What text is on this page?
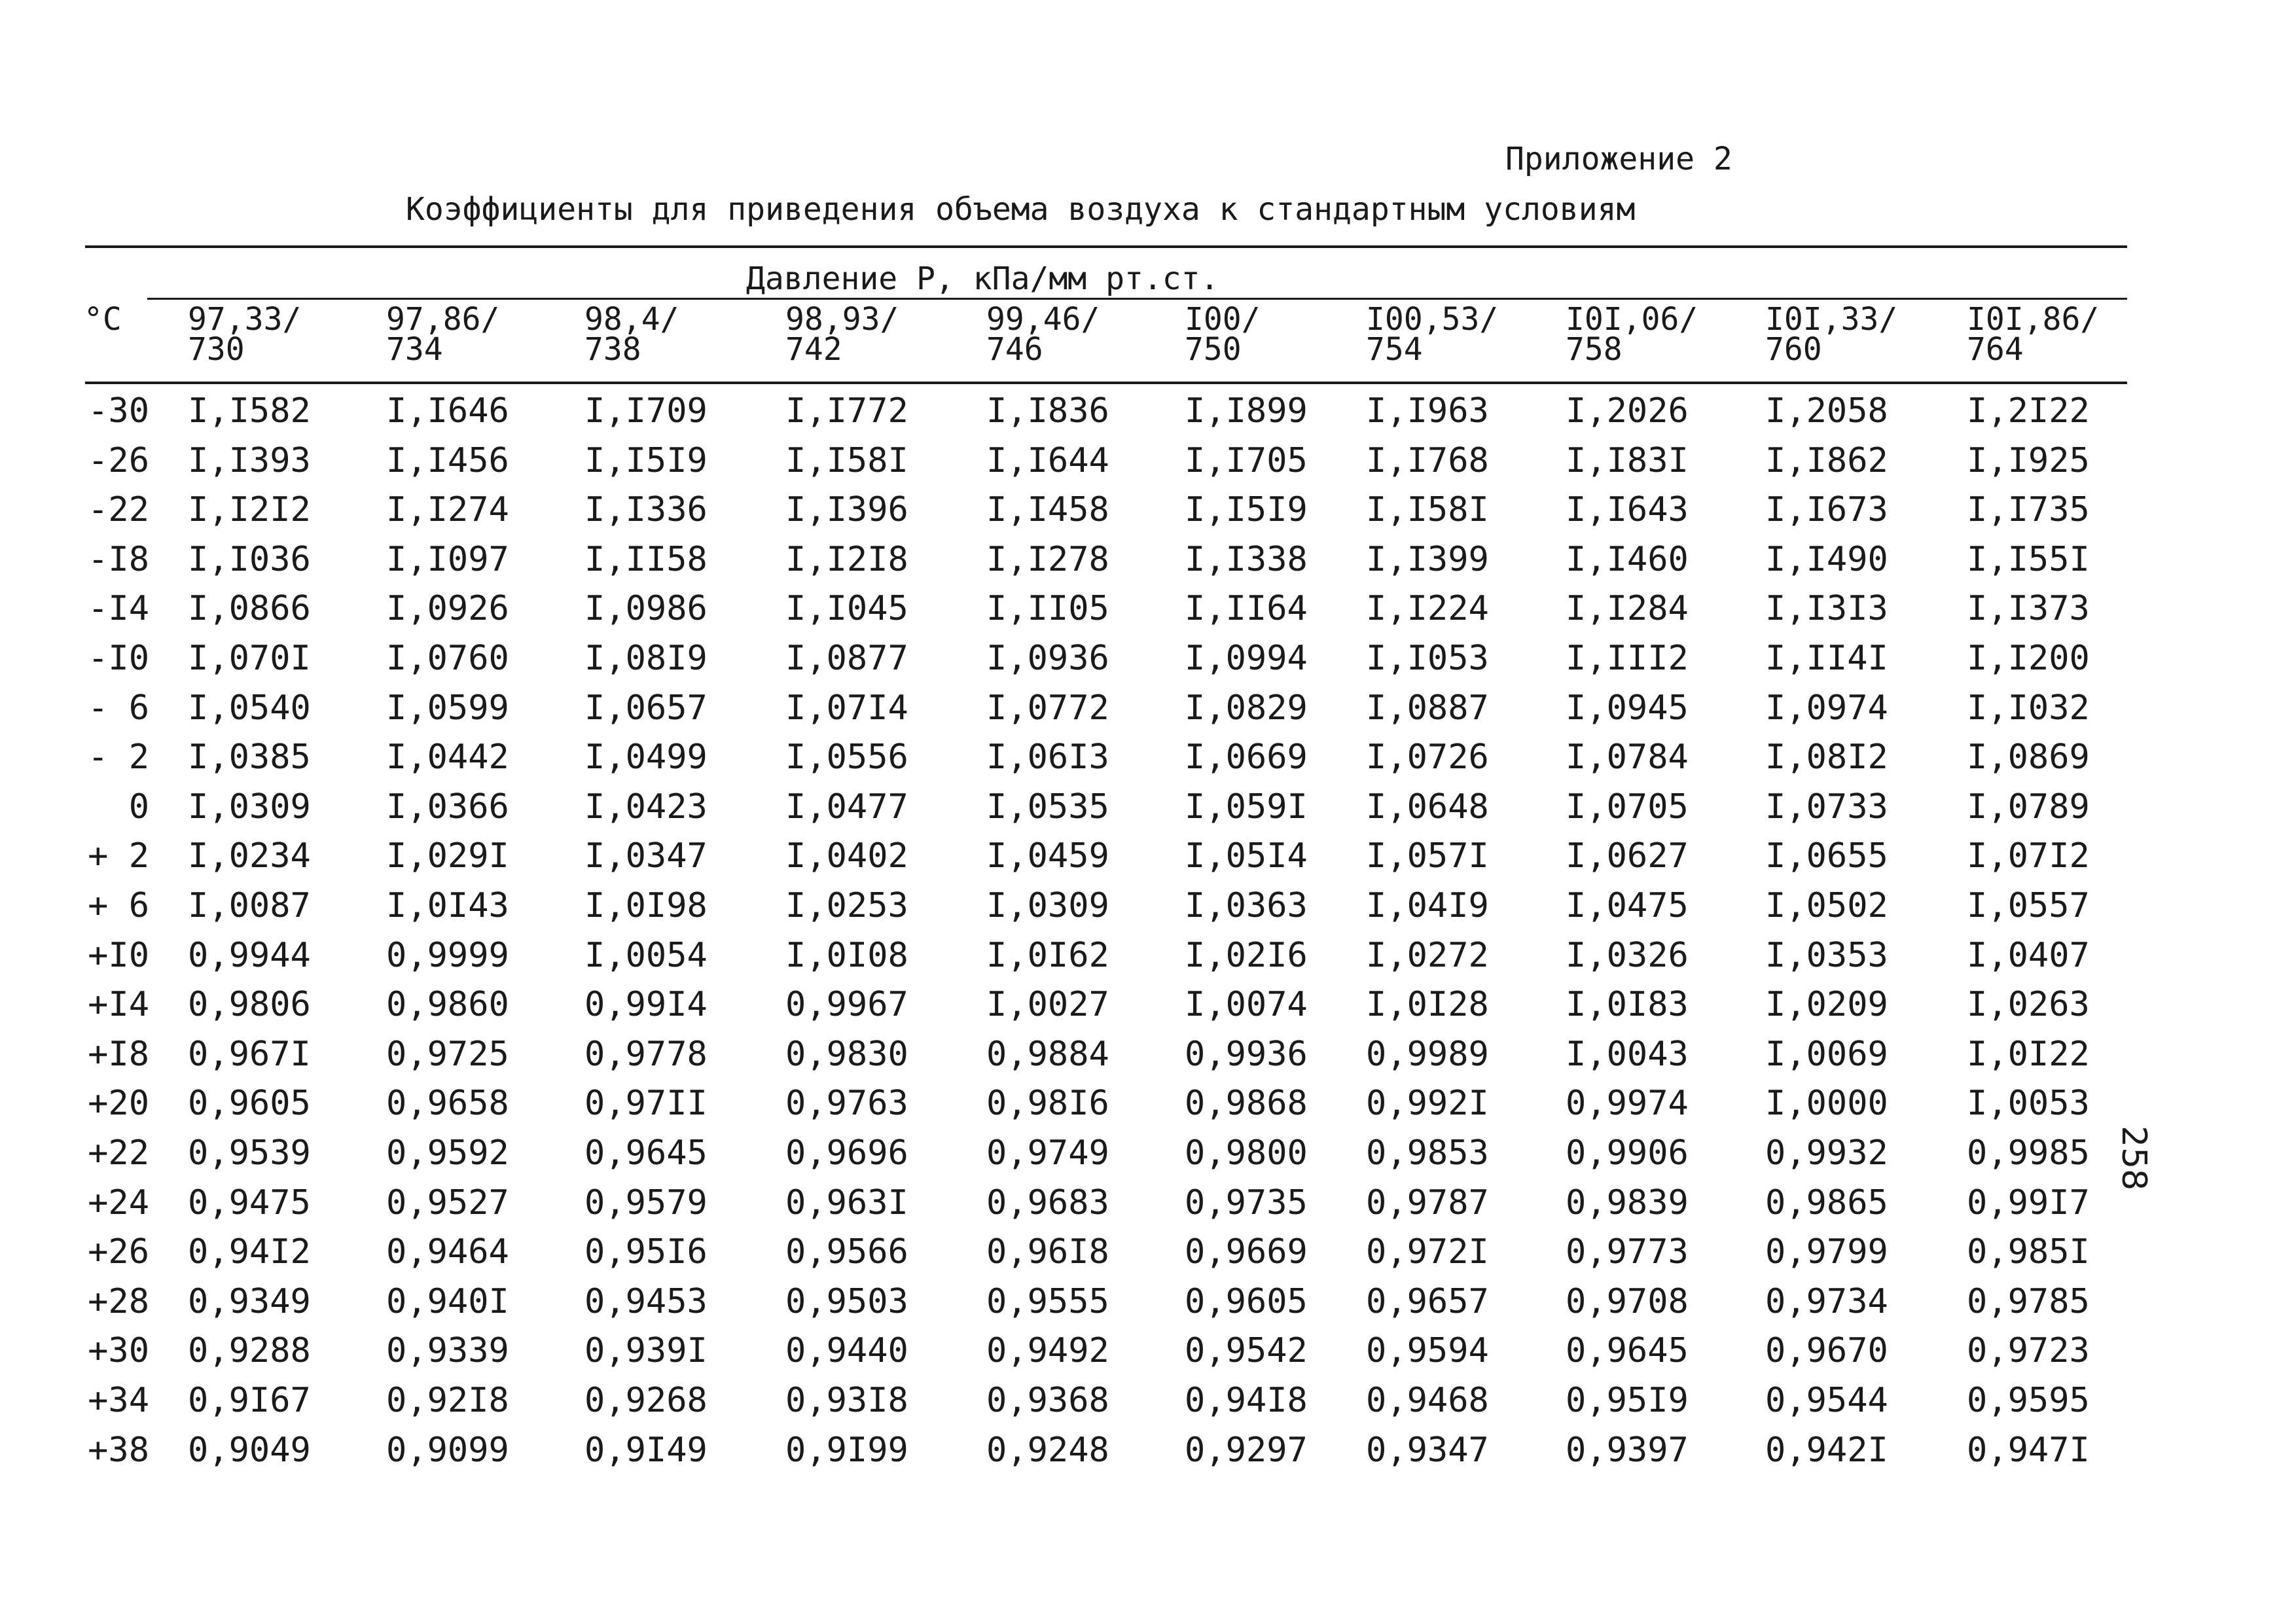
Приложение 2
Коэффициенты для приведения объема воздуха к стандартным условиям
Давление P, кПа/мм рт.ст.
°C 97,33/
730
97,86/
734
98,4/
738
98,93/
742
99,46/
746
I00/
750
I00,53/
754
I0I,06/
758
I0I,33/
760
I0I,86/
764
-30 I,I582 I,I646 I,I709 I,I772 I,I836 I,I899 I,I963 I,2026 I,2058 I,2I22
-26 I,I393 I,I456 I,I5I9 I,I58I I,I644 I,I705 I,I768 I,I83I I,I862 I,I925
-22 I,I2I2 I,I274 I,I336 I,I396 I,I458 I,I5I9 I,I58I I,I643 I,I673 I,I735
-I8 I,I036 I,I097 I,II58 I,I2I8 I,I278 I,I338 I,I399 I,I460 I,I490 I,I55I
-I4 I,0866 I,0926 I,0986 I,I045 I,II05 I,II64 I,I224 I,I284 I,I3I3 I,I373
-I0 I,070I I,0760 I,08I9 I,0877 I,0936 I,0994 I,I053 I,III2 I,II4I I,I200
- 6 I,0540 I,0599 I,0657 I,07I4 I,0772 I,0829 I,0887 I,0945 I,0974 I,I032
- 2 I,0385 I,0442 I,0499 I,0556 I,06I3 I,0669 I,0726 I,0784 I,08I2 I,0869
0 I,0309 I,0366 I,0423 I,0477 I,0535 I,059I I,0648 I,0705 I,0733 I,0789
+ 2 I,0234 I,029I I,0347 I,0402 I,0459 I,05I4 I,057I I,0627 I,0655 I,07I2
+ 6 I,0087 I,0I43 I,0I98 I,0253 I,0309 I,0363 I,04I9 I,0475 I,0502 I,0557
+I0 0,9944 0,9999 I,0054 I,0I08 I,0I62 I,02I6 I,0272 I,0326 I,0353 I,0407
+I4 0,9806 0,9860 0,99I4 0,9967 I,0027 I,0074 I,0I28 I,0I83 I,0209 I,0263
+I8 0,967I 0,9725 0,9778 0,9830 0,9884 0,9936 0,9989 I,0043 I,0069 I,0I22
+20 0,9605 0,9658 0,97II 0,9763 0,98I6 0,9868 0,992I 0,9974 I,0000 I,0053
+22 0,9539 0,9592 0,9645 0,9696 0,9749 0,9800 0,9853 0,9906 0,9932 0,9985
+24 0,9475 0,9527 0,9579 0,963I 0,9683 0,9735 0,9787 0,9839 0,9865 0,99I7
+26 0,94I2 0,9464 0,95I6 0,9566 0,96I8 0,9669 0,972I 0,9773 0,9799 0,985I
+28 0,9349 0,940I 0,9453 0,9503 0,9555 0,9605 0,9657 0,9708 0,9734 0,9785
+30 0,9288 0,9339 0,939I 0,9440 0,9492 0,9542 0,9594 0,9645 0,9670 0,9723
+34 0,9I67 0,92I8 0,9268 0,93I8 0,9368 0,94I8 0,9468 0,95I9 0,9544 0,9595
+38 0,9049 0,9099 0,9I49 0,9I99 0,9248 0,9297 0,9347 0,9397 0,942I 0,947I
258
